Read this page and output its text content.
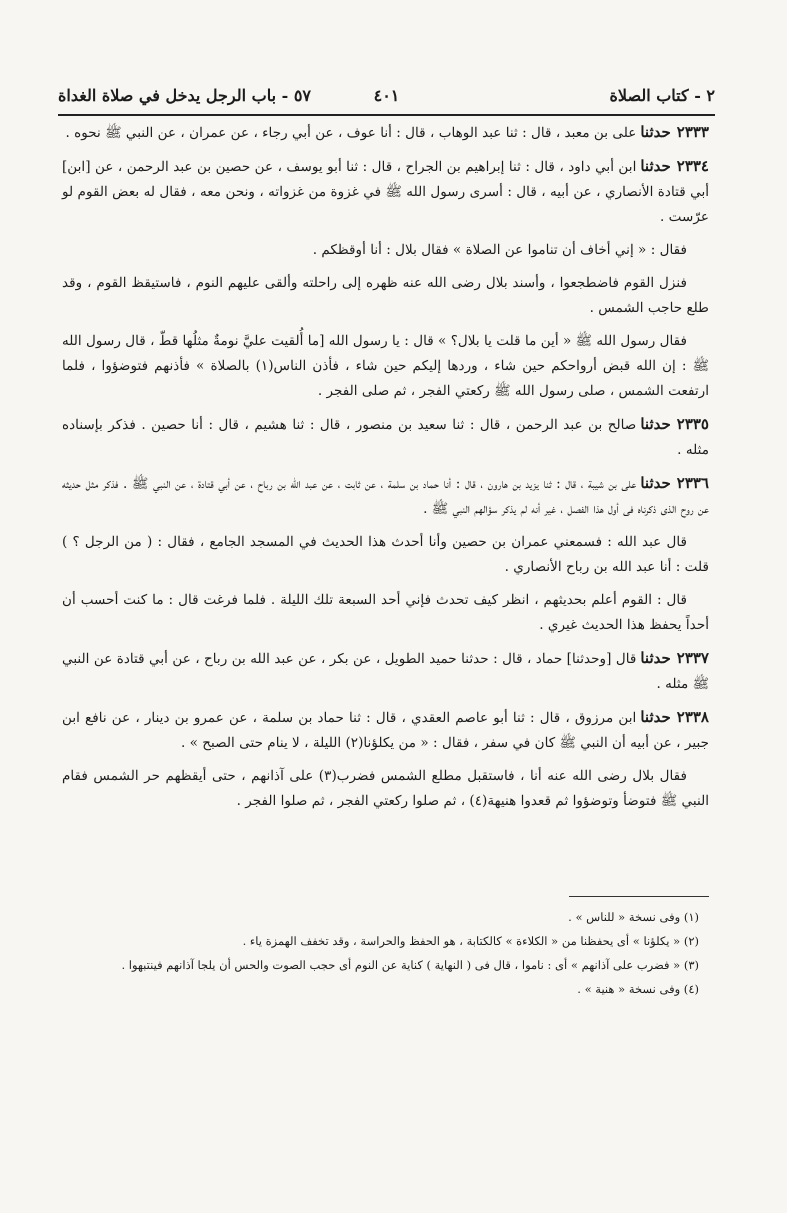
٢ - كتاب الصلاة
٤٠١
٥٧ - باب الرجل يدخل في صلاة الغداة

٢٣٣٣حدثناعلى بن معبد ، قال : ثنا عبد الوهاب ، قال : أنا عوف ، عن أبي رجاء ، عن عمران ، عن النبي ﷺ نحوه .

٢٣٣٤حدثناابن أبي داود ، قال : ثنا إبراهيم بن الجراح ، قال : ثنا أبو يوسف ، عن حصين بن عبد الرحمن ، عن [ابن] أبي قتادة الأنصاري ، عن أبيه ، قال : أسرى رسول الله ﷺ في غزوة من غزواته ، ونحن معه ، فقال له بعض القوم لو عرّست .

فقال : « إني أخاف أن تناموا عن الصلاة » فقال بلال : أنا أوقظكم .

فنزل القوم فاضطجعوا ، وأسند بلال رضى الله عنه ظهره إلى راحلته وألقى عليهم النوم ، فاستيقظ القوم ، وقد طلع حاجب الشمس .

فقال رسول الله ﷺ « أين ما قلت يا بلال؟ » قال : يا رسول الله [ما أُلقيت عليَّ نومةٌ مثلُها قطّ ، قال رسول الله ﷺ : إن الله قبض أرواحكم حين شاء ، وردها إليكم حين شاء ، فأذن الناس(١) بالصلاة » فأذنهم فتوضؤوا ، فلما ارتفعت الشمس ، صلى رسول الله ﷺ ركعتي الفجر ، ثم صلى الفجر .

٢٣٣٥حدثناصالح بن عبد الرحمن ، قال : ثنا سعيد بن منصور ، قال : ثنا هشيم ، قال : أنا حصين . فذكر بإسناده مثله .

٢٣٣٦حدثناعلى بن شيبة ، قال : ثنا يزيد بن هارون ، قال : أنا حماد بن سلمة ، عن ثابت ، عن عبد الله بن رباح ، عن أبي قتادة ، عن النبي ﷺ . فذكر مثل حديثه عن روح الذى ذكرناه فى أول هذا الفصل ، غير أنه لم يذكر سؤالهم النبي ﷺ .

قال عبد الله : فسمعني عمران بن حصين وأنا أحدث هذا الحديث في المسجد الجامع ، فقال : ( من الرجل ؟ ) قلت : أنا عبد الله بن رباح الأنصاري .

قال : القوم أعلم بحديثهم ، انظر كيف تحدث فإني أحد السبعة تلك الليلة . فلما فرغت قال : ما كنت أحسب أن أحداً يحفظ هذا الحديث غيري .

٢٣٣٧حدثناقال [وحدثنا] حماد ، قال : حدثنا حميد الطويل ، عن بكر ، عن عبد الله بن رباح ، عن أبي قتادة عن النبي ﷺ مثله .

٢٣٣٨حدثناابن مرزوق ، قال : ثنا أبو عاصم العقدي ، قال : ثنا حماد بن سلمة ، عن عمرو بن دينار ، عن نافع ابن جبير ، عن أبيه أن النبي ﷺ كان في سفر ، فقال : « من يكلؤنا(٢) الليلة ، لا ينام حتى الصبح » .

فقال بلال رضى الله عنه أنا ، فاستقبل مطلع الشمس فضرب(٣) على آذانهم ، حتى أيقظهم حر الشمس فقام النبي ﷺ فتوضأ وتوضؤوا ثم قعدوا هنيهة(٤) ، ثم صلوا ركعتي الفجر ، ثم صلوا الفجر .

(١) وفى نسخة « للناس » .
(٢) « يكلؤنا » أى يحفظنا من « الكلاءة » كالكتابة ، هو الحفظ والحراسة ، وقد تخفف الهمزة ياء .
(٣) « فضرب على آذانهم » أى : ناموا ، قال فى ( النهاية ) كناية عن النوم أى حجب الصوت والحس أن يلجا آذانهم فينتبهوا .
(٤) وفى نسخة « هنية » .
